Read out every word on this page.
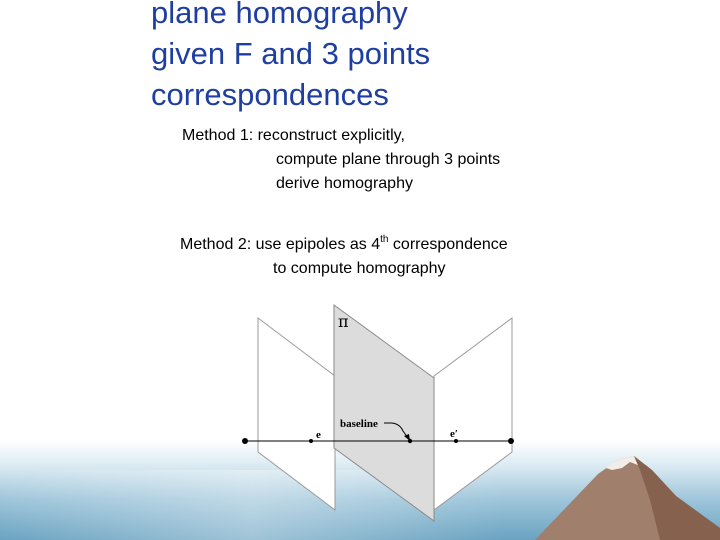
plane homography
given F and 3 points
correspondences
Method 1: reconstruct explicitly,
compute plane through 3 points
derive homography
Method 2: use epipoles as 4th correspondence
to compute homography
π
baseline
e	e′
